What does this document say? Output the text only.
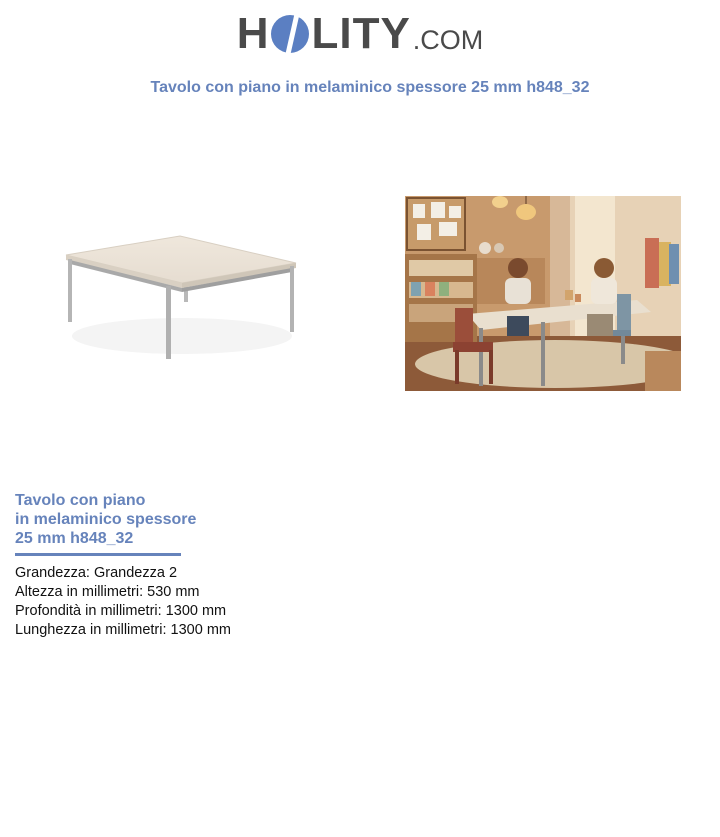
H LITY .COM
Tavolo con piano in melaminico spessore 25 mm h848_32
Tavolo con piano
in melaminico spessore
25 mm h848_32
Grandezza: Grandezza 2
Altezza in millimetri: 530 mm
Profondità in millimetri: 1300 mm
Lunghezza in millimetri: 1300 mm
